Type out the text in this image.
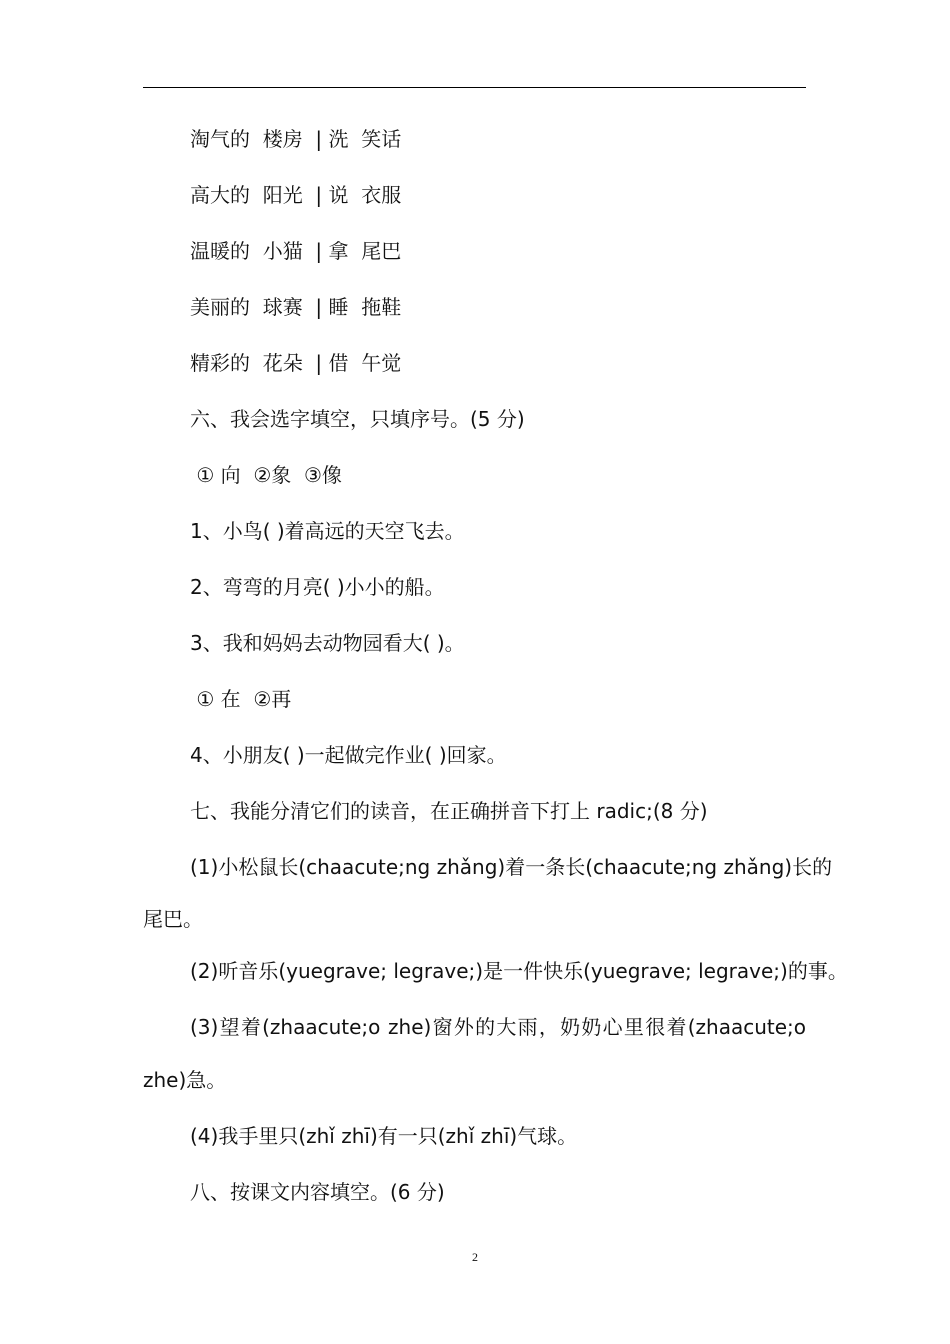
淘气的  楼房  | 洗  笑话
高大的  阳光  | 说  衣服
温暖的  小猫  | 拿  尾巴
美丽的  球赛  | 睡  拖鞋
精彩的  花朵  | 借  午觉
六、我会选字填空，只填序号。(5 分)
① 向  ②象  ③像
1、小鸟( )着高远的天空飞去。
2、弯弯的月亮( )小小的船。
3、我和妈妈去动物园看大( )。
① 在  ②再
4、小朋友( )一起做完作业( )回家。
七、我能分清它们的读音，在正确拼音下打上 radic;(8 分)
(1)小松鼠长(chaacute;ng zhǎng)着一条长(chaacute;ng zhǎng)长的
尾巴。
(2)听音乐(yuegrave; legrave;)是一件快乐(yuegrave; legrave;)的事。
(3)望着(zhaacute;o zhe)窗外的大雨，奶奶心里很着(zhaacute;o
zhe)急。
(4)我手里只(zhǐ zhī)有一只(zhǐ zhī)气球。
八、按课文内容填空。(6 分)
2
